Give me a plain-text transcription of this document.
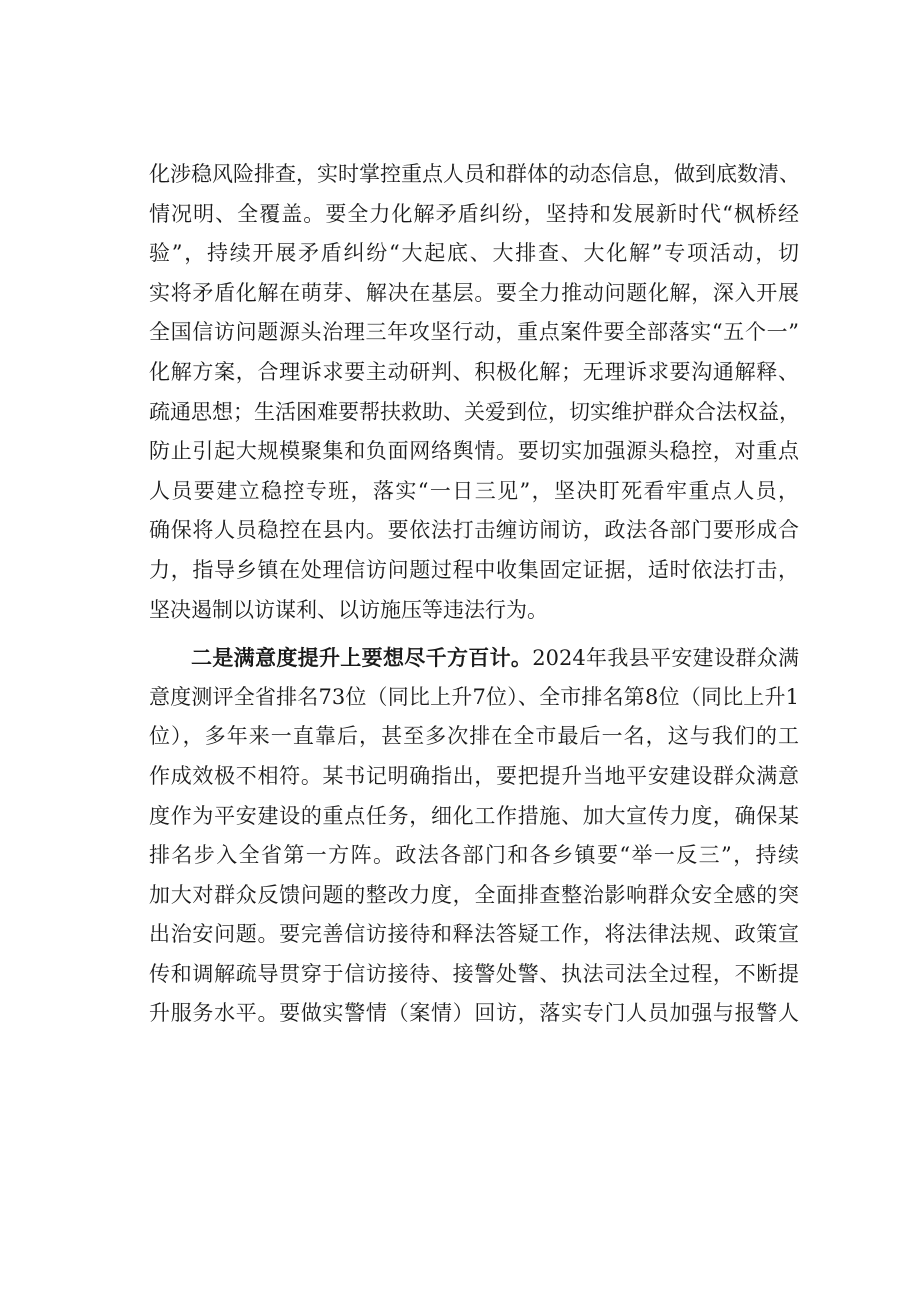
化涉稳风险排查，实时掌控重点人员和群体的动态信息，做到底数清、
情况明、全覆盖。要全力化解矛盾纠纷，坚持和发展新时代“枫桥经
验”，持续开展矛盾纠纷“大起底、大排查、大化解”专项活动，切
实将矛盾化解在萌芽、解决在基层。要全力推动问题化解，深入开展
全国信访问题源头治理三年攻坚行动，重点案件要全部落实“五个一”
化解方案，合理诉求要主动研判、积极化解；无理诉求要沟通解释、
疏通思想；生活困难要帮扶救助、关爱到位，切实维护群众合法权益，
防止引起大规模聚集和负面网络舆情。要切实加强源头稳控，对重点
人员要建立稳控专班，落实“一日三见”，坚决盯死看牢重点人员，
确保将人员稳控在县内。要依法打击缠访闹访，政法各部门要形成合
力，指导乡镇在处理信访问题过程中收集固定证据，适时依法打击，
坚决遏制以访谋利、以访施压等违法行为。
二是满意度提升上要想尽千方百计。2024年我县平安建设群众满
意度测评全省排名73位（同比上升7位）、全市排名第8位（同比上升1
位），多年来一直靠后，甚至多次排在全市最后一名，这与我们的工
作成效极不相符。某书记明确指出，要把提升当地平安建设群众满意
度作为平安建设的重点任务，细化工作措施、加大宣传力度，确保某
排名步入全省第一方阵。政法各部门和各乡镇要“举一反三”，持续
加大对群众反馈问题的整改力度，全面排查整治影响群众安全感的突
出治安问题。要完善信访接待和释法答疑工作，将法律法规、政策宣
传和调解疏导贯穿于信访接待、接警处警、执法司法全过程，不断提
升服务水平。要做实警情（案情）回访，落实专门人员加强与报警人
